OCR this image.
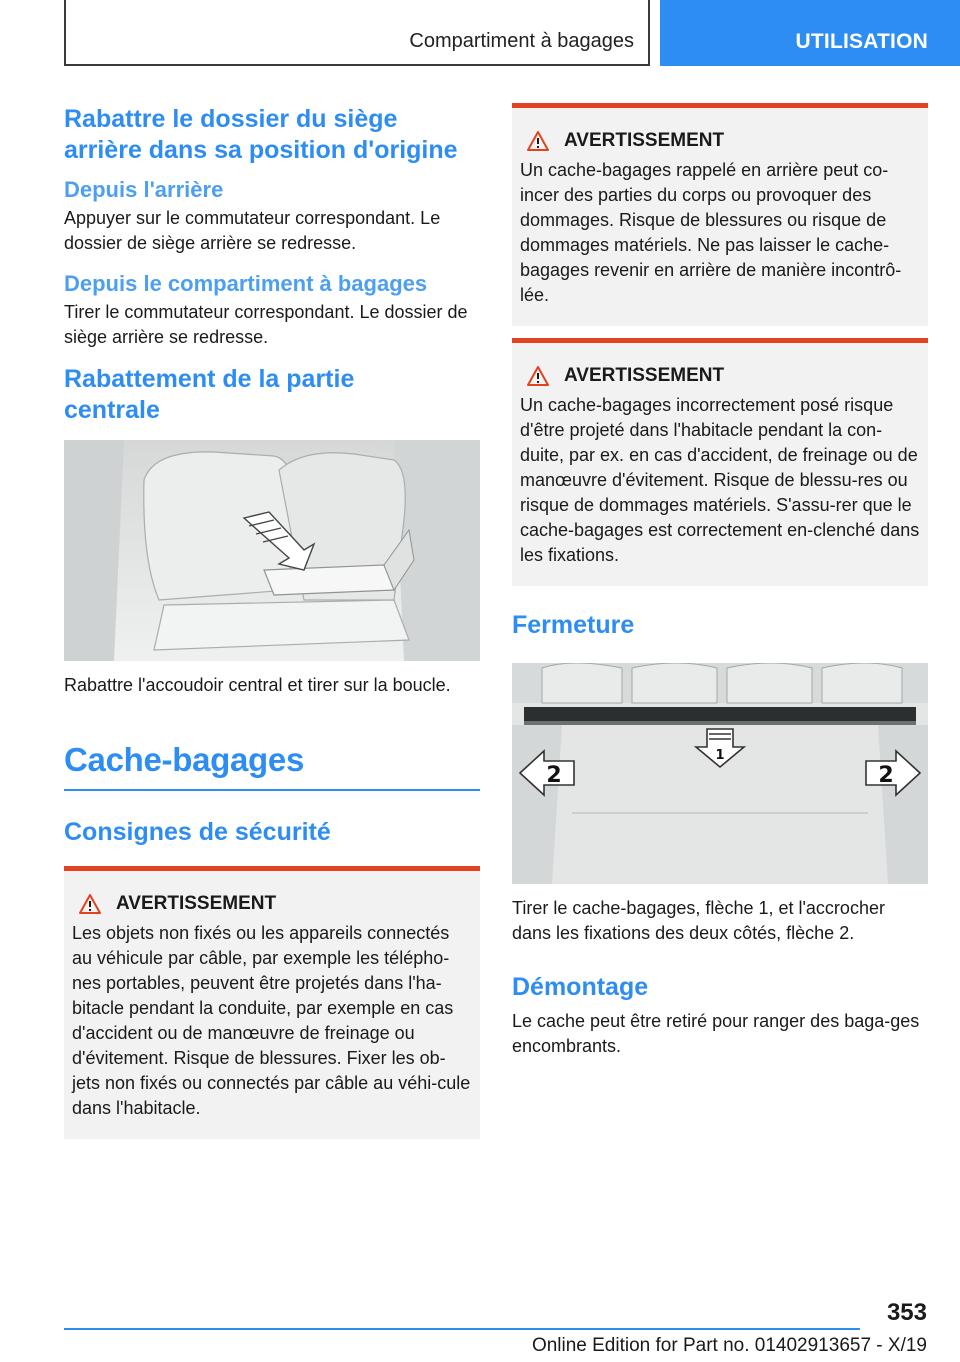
Compartiment à bagages	UTILISATION
Rabattre le dossier du siège arrière dans sa position d'origine
Depuis l'arrière

Appuyer sur le commutateur correspondant. Le dossier de siège arrière se redresse.

Depuis le compartiment à bagages

Tirer le commutateur correspondant. Le dossier de siège arrière se redresse.

Rabattement de la partie centrale

Rabattre l'accoudoir central et tirer sur la boucle.

Cache-bagages
Consignes de sécurité
AVERTISSEMENT

Les objets non fixés ou les appareils connectés au véhicule par câble, par exemple les télépho-nes portables, peuvent être projetés dans l'ha-bitacle pendant la conduite, par exemple en cas d'accident ou de manœuvre de freinage ou d'évitement. Risque de blessures. Fixer les ob-jets non fixés ou connectés par câble au véhi-cule dans l'habitacle.

AVERTISSEMENT

Un cache-bagages rappelé en arrière peut co-incer des parties du corps ou provoquer des dommages. Risque de blessures ou risque de dommages matériels. Ne pas laisser le cache-bagages revenir en arrière de manière incontrô-lée.

AVERTISSEMENT

Un cache-bagages incorrectement posé risque d'être projeté dans l'habitacle pendant la con-duite, par ex. en cas d'accident, de freinage ou de manœuvre d'évitement. Risque de blessu-res ou risque de dommages matériels. S'assu-rer que le cache-bagages est correctement en-clenché dans les fixations.

Fermeture
1
2	2

Tirer le cache-bagages, flèche 1, et l'accrocher dans les fixations des deux côtés, flèche 2.

Démontage

Le cache peut être retiré pour ranger des baga-ges encombrants.

353
Online Edition for Part no. 01402913657 - X/19
